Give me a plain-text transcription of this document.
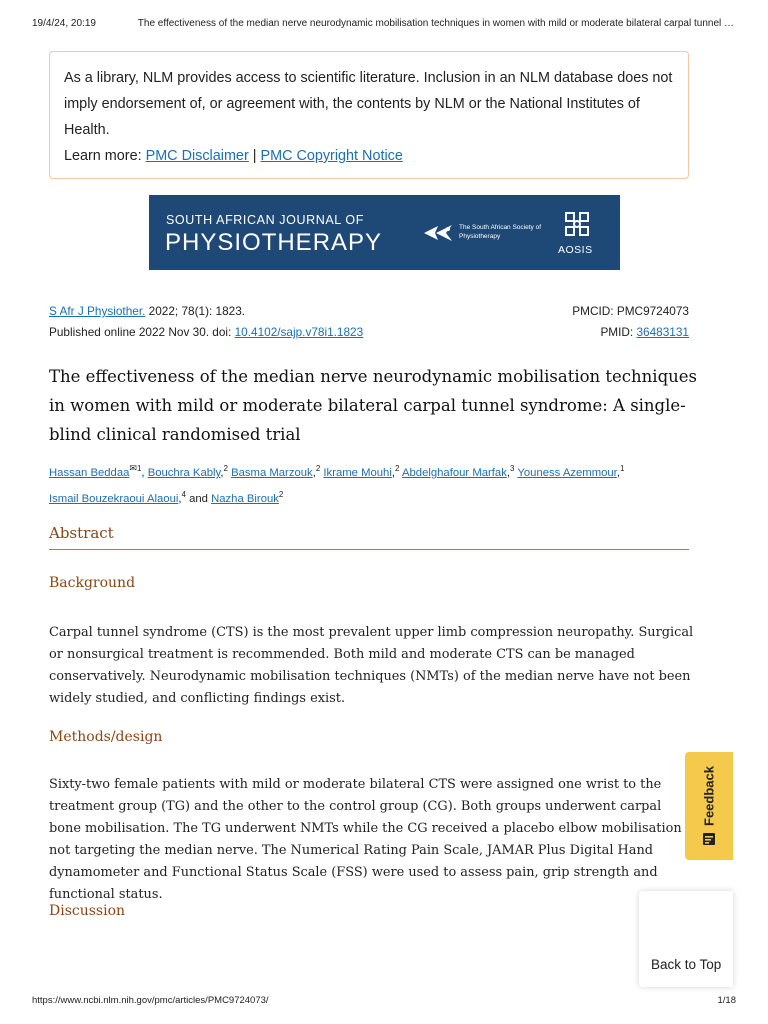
19/4/24, 20:19	The effectiveness of the median nerve neurodynamic mobilisation techniques in women with mild or moderate bilateral carpal tunnel …
As a library, NLM provides access to scientific literature. Inclusion in an NLM database does not imply endorsement of, or agreement with, the contents by NLM or the National Institutes of Health.
Learn more: PMC Disclaimer | PMC Copyright Notice
SOUTH AFRICAN JOURNAL OF
PHYSIOTHERAPY
The South African Society of Physiotherapy
AOSIS
S Afr J Physiother. 2022; 78(1): 1823.
Published online 2022 Nov 30. doi: 10.4102/sajp.v78i1.1823
PMCID: PMC9724073
PMID: 36483131
The effectiveness of the median nerve neurodynamic mobilisation techniques in women with mild or moderate bilateral carpal tunnel syndrome: A single-blind clinical randomised trial
Hassan Beddaa$^{✉1}$, Bouchra Kably,$^2$ Basma Marzouk,$^2$ Ikrame Mouhi,$^2$ Abdelghafour Marfak,$^3$ Youness Azemmour,$^1$
Ismail Bouzekraoui Alaoui,$^4$ and Nazha Birouk$^2$
Abstract
Background

Carpal tunnel syndrome (CTS) is the most prevalent upper limb compression neuropathy. Surgical or nonsurgical treatment is recommended. Both mild and moderate CTS can be managed conservatively. Neurodynamic mobilisation techniques (NMTs) of the median nerve have not been widely studied, and conflicting findings exist.

Methods/design

Sixty-two female patients with mild or moderate bilateral CTS were assigned one wrist to the treatment group (TG) and the other to the control group (CG). Both groups underwent carpal bone mobilisation. The TG underwent NMTs while the CG received a placebo elbow mobilisation not targeting the median nerve. The Numerical Rating Pain Scale, JAMAR Plus Digital Hand dynamometer and Functional Status Scale (FSS) were used to assess pain, grip strength and functional status.

Discussion
Feedback
Back to Top
https://www.ncbi.nlm.nih.gov/pmc/articles/PMC9724073/	1/18
